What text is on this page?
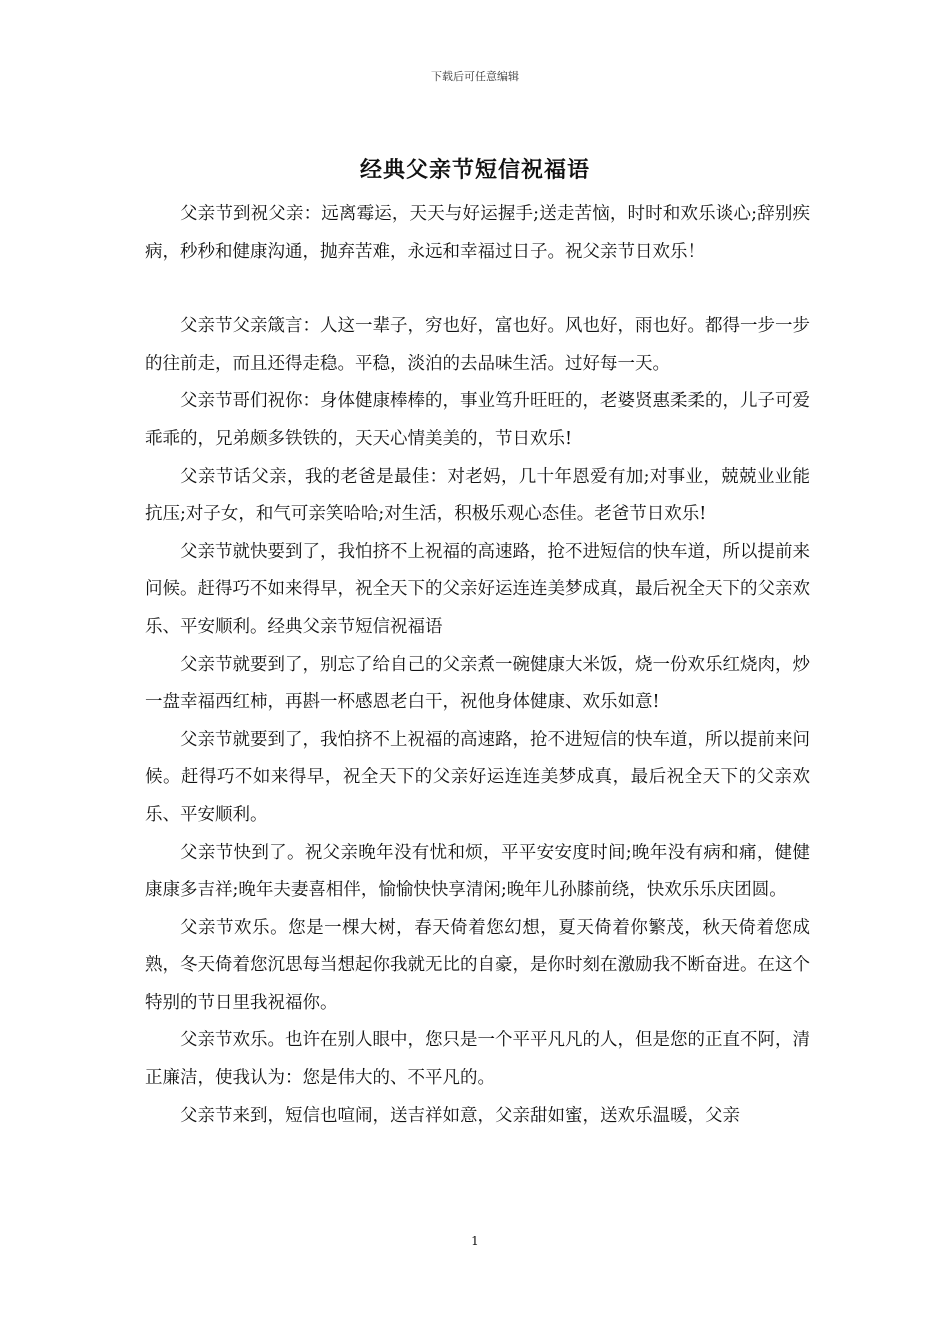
下载后可任意编辑
经典父亲节短信祝福语

父亲节到祝父亲：远离霉运，天天与好运握手;送走苦恼，时时和欢乐谈心;辞别疾病，秒秒和健康沟通，抛弃苦难，永远和幸福过日子。祝父亲节日欢乐！

父亲节父亲箴言：人这一辈子，穷也好，富也好。风也好，雨也好。都得一步一步的往前走，而且还得走稳。平稳，淡泊的去品味生活。过好每一天。

父亲节哥们祝你：身体健康棒棒的，事业笃升旺旺的，老婆贤惠柔柔的，儿子可爱乖乖的，兄弟颇多铁铁的，天天心情美美的，节日欢乐!

父亲节话父亲，我的老爸是最佳：对老妈，几十年恩爱有加;对事业，兢兢业业能抗压;对子女，和气可亲笑哈哈;对生活，积极乐观心态佳。老爸节日欢乐!

父亲节就快要到了，我怕挤不上祝福的高速路，抢不进短信的快车道，所以提前来问候。赶得巧不如来得早，祝全天下的父亲好运连连美梦成真，最后祝全天下的父亲欢乐、平安顺利。经典父亲节短信祝福语

父亲节就要到了，别忘了给自己的父亲煮一碗健康大米饭，烧一份欢乐红烧肉，炒一盘幸福西红柿，再斟一杯感恩老白干，祝他身体健康、欢乐如意!

父亲节就要到了，我怕挤不上祝福的高速路，抢不进短信的快车道，所以提前来问候。赶得巧不如来得早，祝全天下的父亲好运连连美梦成真，最后祝全天下的父亲欢乐、平安顺利。

父亲节快到了。祝父亲晚年没有忧和烦，平平安安度时间;晚年没有病和痛，健健康康多吉祥;晚年夫妻喜相伴，愉愉快快享清闲;晚年儿孙膝前绕，快欢乐乐庆团圆。

父亲节欢乐。您是一棵大树，春天倚着您幻想，夏天倚着你繁茂，秋天倚着您成熟，冬天倚着您沉思每当想起你我就无比的自豪，是你时刻在激励我不断奋进。在这个特别的节日里我祝福你。

父亲节欢乐。也许在别人眼中，您只是一个平平凡凡的人，但是您的正直不阿，清正廉洁，使我认为：您是伟大的、不平凡的。

父亲节来到，短信也喧闹，送吉祥如意，父亲甜如蜜，送欢乐温暖，父亲

1
